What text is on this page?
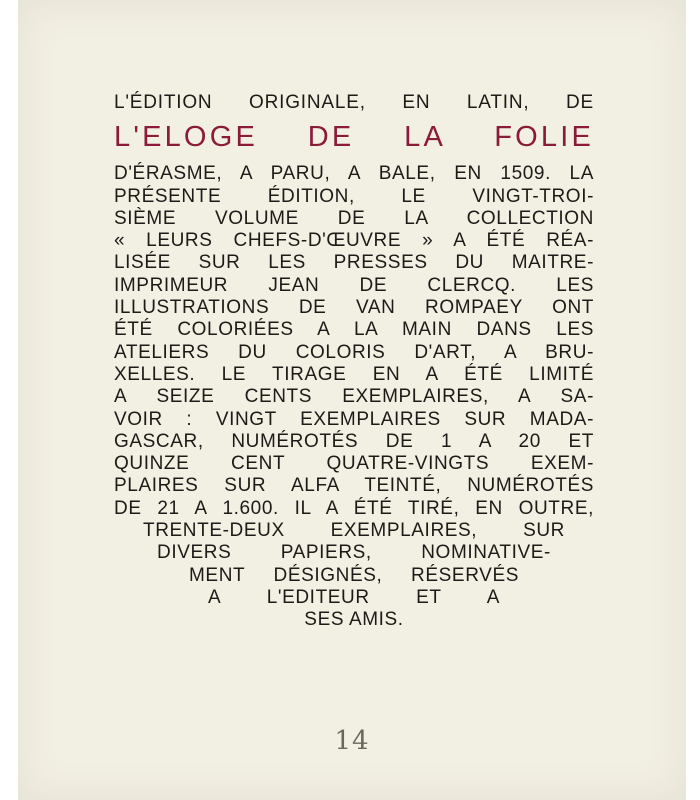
L'ÉDITION ORIGINALE, EN LATIN, DE
L'ELOGE DE LA FOLIE
D'ÉRASME, A PARU, A BALE, EN 1509. LA
PRÉSENTE ÉDITION, LE VINGT-TROI-
SIÈME VOLUME DE LA COLLECTION
« LEURS CHEFS-D'ŒUVRE » A ÉTÉ RÉA-
LISÉE SUR LES PRESSES DU MAITRE-
IMPRIMEUR JEAN DE CLERCQ. LES
ILLUSTRATIONS DE VAN ROMPAEY ONT
ÉTÉ COLORIÉES A LA MAIN DANS LES
ATELIERS DU COLORIS D'ART, A BRU-
XELLES. LE TIRAGE EN A ÉTÉ LIMITÉ
A SEIZE CENTS EXEMPLAIRES, A SA-
VOIR : VINGT EXEMPLAIRES SUR MADA-
GASCAR, NUMÉROTÉS DE 1 A 20 ET
QUINZE CENT QUATRE-VINGTS EXEM-
PLAIRES SUR ALFA TEINTÉ, NUMÉROTÉS
DE 21 A 1.600. IL A ÉTÉ TIRÉ, EN OUTRE,
TRENTE-DEUX EXEMPLAIRES, SUR
DIVERS PAPIERS, NOMINATIVE-
MENT DÉSIGNÉS, RÉSERVÉS
A L'EDITEUR ET A
SES AMIS.
14
